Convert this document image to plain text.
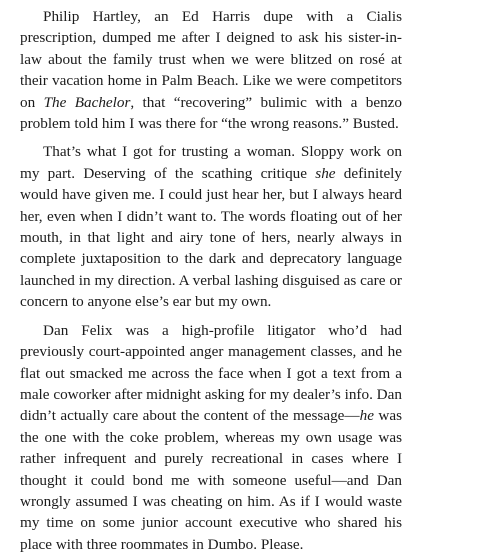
Philip Hartley, an Ed Harris dupe with a Cialis prescription, dumped me after I deigned to ask his sister-in-law about the family trust when we were blitzed on rosé at their vacation home in Palm Beach. Like we were competitors on The Bachelor, that “recovering” bulimic with a benzo problem told him I was there for “the wrong reasons.” Busted.

That’s what I got for trusting a woman. Sloppy work on my part. Deserving of the scathing critique she definitely would have given me. I could just hear her, but I always heard her, even when I didn’t want to. The words floating out of her mouth, in that light and airy tone of hers, nearly always in complete juxtaposition to the dark and deprecatory language launched in my direction. A verbal lashing disguised as care or concern to anyone else’s ear but my own.

Dan Felix was a high-profile litigator who’d had previously court-appointed anger management classes, and he flat out smacked me across the face when I got a text from a male coworker after midnight asking for my dealer’s info. Dan didn’t actually care about the content of the message—he was the one with the coke problem, whereas my own usage was rather infrequent and purely recreational in cases where I thought it could bond me with someone useful—and Dan wrongly assumed I was cheating on him. As if I would waste my time on some junior account executive who shared his place with three roommates in Dumbo. Please.
